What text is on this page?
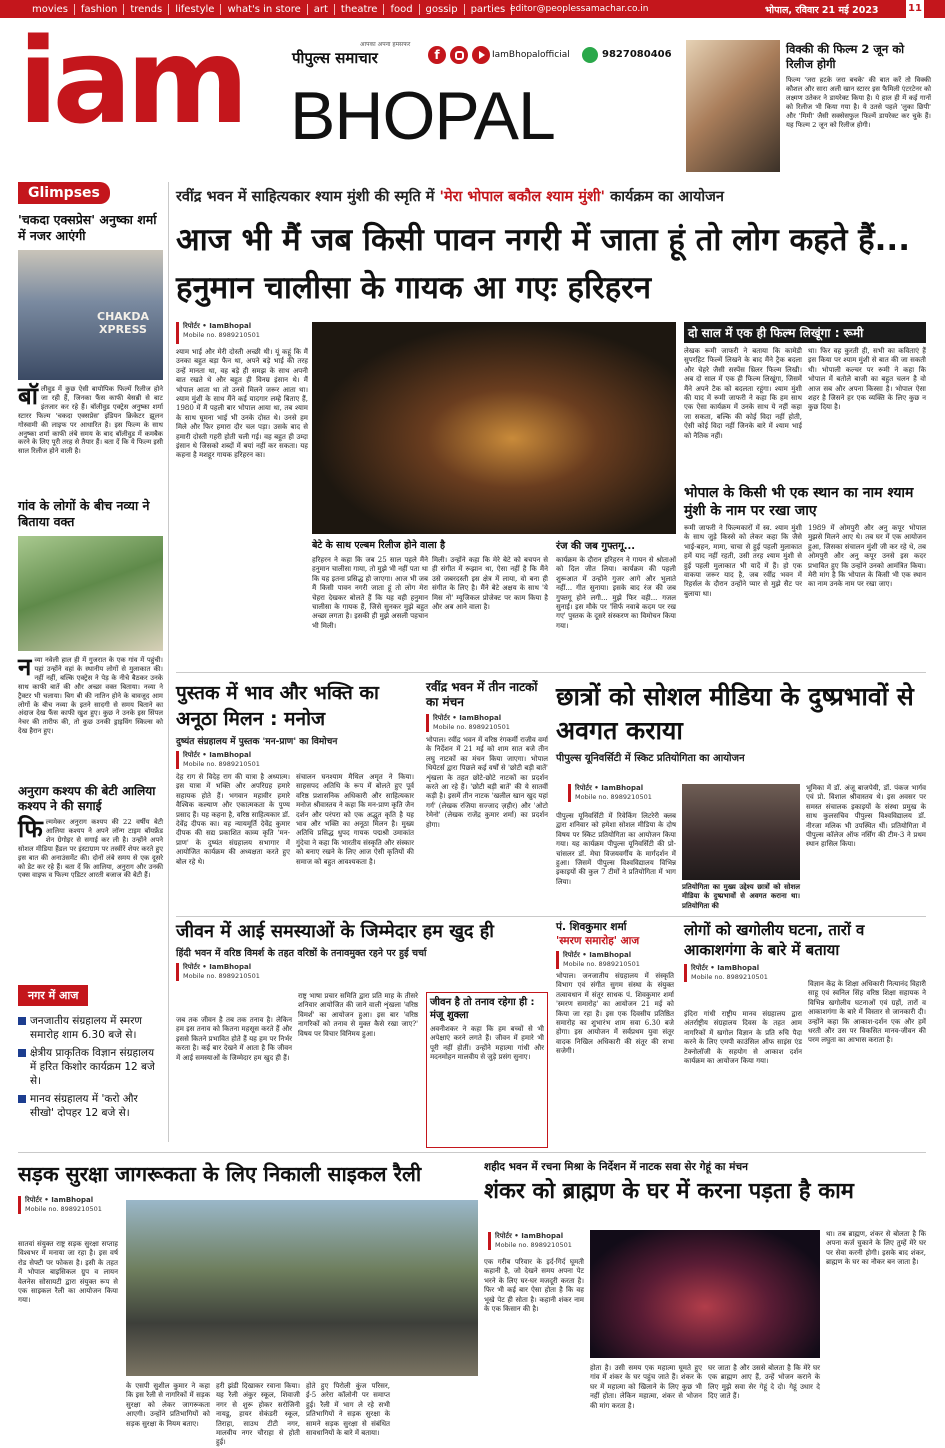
movies	fashion	trends	lifestyle	what's in store	art	theatre	food	gossip	parties editor@peoplessamachar.co.in	भोपाल, रविवार 21 मई 2023	11
iam BHOPAL
पीपुल्स समाचार
आपका अपना हमसफर
f	IamBhopalofficial	9827080406	विक्की की फिल्म 2 जून को रिलीज होगी
फिल्म 'जरा हटके जरा बचके' की बात करें तो विक्की कौशल और सारा अली खान स्टारर इस फैमिली एंटरटेनर को लक्ष्मण उतेकर ने डायरेक्ट किया है। ये हाल ही में कई गानों को रिलीज भी किया गया है। ये उतसे पहले 'लुका छिपी' और 'मिमी' जैसी सक्सेसफुल फिल्में डायरेक्ट कर चुके हैं। यह फिल्म 2 जून को रिलीज होगी।
Glimpses
'चकदा एक्सप्रेस' अनुष्का शर्मा में नजर आएंगी
CHAKDA XPRESS
बॉलीवुड में कुछ ऐसी बायोपिक फिल्में रिलीज होने जा रही हैं, जिनका फैंस काफी बेसब्री से बाट इंतजार कर रहे हैं। बॉलीवुड एक्ट्रेस अनुष्का शर्मा स्टारर फिल्म 'चकदा एक्सप्रेस' इंडियन क्रिकेटर झूलन गोस्वामी की लाइफ पर आधारित है। इस फिल्म के साथ अनुष्का शर्मा काफी लंबे समय के बाद बॉलीवुड में कमबैक करने के लिए पूरी तरह से तैयार हैं। बता दें कि ये फिल्म इसी साल रिलीज होने वाली है।
गांव के लोगों के बीच नव्या ने बिताया वक्त
नव्या नवेली हाल ही में गुजरात के एक गांव में पहुंची। यहां उन्होंने वहां के स्थानीय लोगों से मुलाकात की। नहीं नहीं, बल्कि एक्ट्रेस ने पेड़ के नीचे बैठकर उनके साथ काफी बातें की और अच्छा वक्त बिताया। नव्या ने ट्रैक्टर भी चलाया। बिग बी की नातिन होने के बावजूद आम लोगों के बीच नव्या के इतने सादगी से समय बिताने का अंदाज देख फैंस काफी खुश हुए। कुछ ने उनके इस सिंपल नेचर की तारीफ की, तो कुछ उनकी ड्राइविंग स्किल्स को देख हैरान हुए।
अनुराग कश्यप की बेटी आलिया कश्यप ने की सगाई
फिल्ममेकर अनुराग कश्यप की 22 वर्षीय बेटी आलिया कश्यप ने अपने लॉन्ग टाइम बॉयफ्रेंड शेन ग्रेगोइर से सगाई कर ली है। उन्होंने अपने सोशल मीडिया हैंडल पर इंस्टाग्राम पर तस्वीरें शेयर करते हुए इस बात की अनाउंसमेंट की। दोनों लंबे समय से एक दूसरे को डेट कर रहे हैं। बता दें कि आलिया, अनुराग और उनकी एक्स वाइफ व फिल्म एडिटर आरती बजाज की बेटी हैं।
नगर में आज
जनजातीय संग्रहालय में स्मरण समारोह शाम 6.30 बजे से।
क्षेत्रीय प्राकृतिक विज्ञान संग्रहालय में हरित किशोर कार्यक्रम 12 बजे से।
मानव संग्रहालय में 'करो और सीखो' दोपहर 12 बजे से।
रवींद्र भवन में साहित्यकार श्याम मुंशी की स्मृति में 'मेरा भोपाल बकौल श्याम मुंशी' कार्यक्रम का आयोजन
आज भी मैं जब किसी पावन नगरी में जाता हूं तो लोग कहते हैं... हनुमान चालीसा के गायक आ गएः हरिहरन
रिपोर्टर • IamBhopal
Mobile no. 8989210501
श्याम भाई और मेरी दोस्ती अच्छी थी। यूं कहूं कि मैं उनका बहुत बड़ा फैन था, अपने बड़े भाई की तरह उन्हें मानता था, वह बड़े ही समझ के साथ अपनी बात रखते थे और बहुत ही विनम्र इंसान थे। मैं भोपाल आता था तो उनसे मिलने जरूर आता था। श्याम मुंशी के साथ मैंने कई यादगार लम्हे बिताए हैं, 1980 में मैं पहली बार भोपाल आया था, तब श्याम के साथ घूमना भाई भी उनके दोस्त थे। उनसे हम मिले और फिर हमारा दौर चल पड़ा। उसके बाद से हमारी दोस्ती गहरी होती चली गई। वह बहुत ही उम्दा इंसान थे जिसको शब्दों में बयां नहीं कर सकता। यह कहना है मशहूर गायक हरिहरन का।
बेटे के साथ एल्बम रिलीज होने वाला है
हरिहरन ने कहा कि जब 25 साल पहले मैंने हनुमान चालीसा गाया, तो मुझे भी नहीं पता था कि यह इतना प्रसिद्ध हो जाएगा। आज भी जब मैं किसी पावन नगरी जाता हूं तो लोग मेरा चेहरा देखकर बोलते हैं कि यह वही हनुमान चालीसा के गायक हैं, जिसे सुनकर मुझे बहुत अच्छा लगता है। इसकी ही मुझे असली पहचान भी मिली।
मिली। उन्होंने कहा कि मेरे बेटे को बचपन से ही संगीत में रूझान था, ऐसा नहीं है कि मैंने उसे जबरदस्ती इस क्षेत्र में लाया, वो बना ही संगीत के लिए है। मैंने बेटे अक्षय के साथ 'ये मिस नो' म्यूजिकल प्रोजेक्ट पर काम किया है और अब आने वाला है।
रंज की जब गुफ्तगू...
कार्यक्रम के दौरान हरिहरन ने गायन से श्रोताओं को दिल जीत लिया। कार्यक्रम की पहली शुरूआत में उन्होंने गुजर आगे और भुलाते नहीं... गीत सुनाया। इसके बाद रंज की जब गुफ्तगू होने लगी... मुझे फिर वही... गजल सुनाई। इस मौके पर 'सिर्फ नवाबे कदम पर रख गए' पुस्तक के दूसरे संस्करण का विमोचन किया गया।
दो साल में एक ही फिल्म लिखूंगा : रूमी
लेखक रूमी जाफरी ने बताया कि कामेडी सुपरहिट फिल्में लिखने के बाद मैंने ट्रैक बदला और चेहरे जैसी सस्पेंस थ्रिलर फिल्म लिखी। अब दो साल में एक ही फिल्म लिखूंगा, जिसमें मैंने अपने टैक को बदलता रहूंगा। श्याम मुंशी की याद में रूमी जाफरी ने कहा कि हम साथ एक ऐसा कार्यक्रम में उनके साथ ये नहीं कहा जा सकता, बल्कि की कोई विदा नहीं होती, ऐसी कोई विदा नहीं जिनके बारे में श्याम भाई को नैतिक नहीं।
था। फिर वह कुरती ही, सभी का कविताएं हैं इस किया पर श्याम मुंशी से बात की जा सकती थी। भोपाली कल्चर पर रूमी ने कहा कि भोपाल में बतोले बाजी का बहुत चलन है वो आज सब और अपना किस्सा है। भोपाल ऐसा शहर है जिसने हर एक व्यक्ति के लिए कुछ न कुछ दिया है।
भोपाल के किसी भी एक स्थान का नाम श्याम मुंशी के नाम पर रखा जाए
रूमी जाफरी ने फिल्मकारों में स्व. श्याम मुंशी के साथ जुड़े किस्से को लेकर कहा कि जैसे भाई-बहन, मामा, चाचा से हुई पहली मुलाकात हमें याद नहीं रहती, उसी तरह श्याम मुंशी से हुई पहली मुलाकात भी यादें में हैं। हो एक वाकया जरूर याद है, जब रवींद्र भवन में रिहर्सल के दौरान उन्होंने प्यार से मुझे सैट पर बुलाया था।
1989 में ओमपुरी और अनु कपूर भोपाल मुझसे मिलने आए थे। तब घर में एक आयोजन हुआ, जिसका संचालन मुंशी जी कर रहे थे, तब ओमपुरी और अनु कपूर उनसे इस कदर प्रभावित हुए कि उन्होंने उनको आमंत्रित किया। मेरी मांग है कि भोपाल के किसी भी एक स्थान का नाम उनके नाम पर रखा जाए।
पुस्तक में भाव और भक्ति का अनूठा मिलन : मनोज
दुष्यंत संग्रहालय में पुस्तक 'मन-प्राण' का विमोचन
रिपोर्टर • IamBhopal
Mobile no. 8989210501
देह राग से विदेह राग की यात्रा है अध्यात्म। इस यात्रा में भक्ति और अपरिग्रह हमारे सहायक होते हैं। भगवान महावीर हमारे वैश्विक कल्याण और एकात्मकता के पुण्य प्रसाद हैं। यह कहना है, वरिष्ठ साहित्यकार डॉ. देवेंद्र दीपक का। वह न्यायमूर्ति देवेंद्र कुमार दीपक की सद्य प्रकाशित काव्य कृति 'मन-प्राण' के दुष्यंत संग्रहालय सभागार में आयोजित कार्यक्रम की अध्यक्षता करते हुए बोल रहे थे।
संचालन घनश्याम मैथिल अमृत ने किया। साहसपद अतिथि के रूप में बोलते हुए पूर्व वरिष्ठ प्रशासनिक अधिकारी और साहित्यकार मनोज श्रीवास्तव ने कहा कि मन-प्राण कृति जैन दर्शन और परंपरा को एक अद्भुत कृति है यह भाव और भक्ति का अनूठा मिलन है। मुख्य अतिथि प्रसिद्ध धुपद गायक पद्मश्री उमाकांत गुंदेचा ने कहा कि भारतीय संस्कृति और संस्कार को बनाए रखने के लिए आज ऐसी कृतियों की समाज को बहुत आवश्यकता है।
रवींद्र भवन में तीन नाटकों का मंचन
रिपोर्टर • IamBhopal
Mobile no. 8989210501
भोपाल। रवींद्र भवन में वरिष्ठ रंगकर्मी राजीव वर्मा के निर्देशन में 21 मई को शाम सात बजे तीन लघु नाटकों का मंचन किया जाएगा। भोपाल थियेटर्स द्वारा पिछले कई वर्षों से 'छोटी बड़ी बातें' शृंखला के तहत छोटे-छोटे नाटकों का प्रदर्शन करते आ रहे हैं। 'छोटी बड़ी बातें' की ये सातवीं कड़ी है। इसमें तीन नाटक 'खलील खान खुद यहां गर्ग' (लेखक रजिया सज्जाद ज़हीर) और 'ओटो रेमेनो' (लेखक राजेंद्र कुमार शर्मा) का प्रदर्शन होगा।
छात्रों को सोशल मीडिया के दुष्प्रभावों से अवगत कराया
पीपुल्स यूनिवर्सिटी में स्किट प्रतियोगिता का आयोजन
रिपोर्टर • IamBhopal
Mobile no. 8989210501
पीपुल्स यूनिवर्सिटी में रिवेकिंग लिटरेरी क्लब द्वारा शनिवार को हमेशा सोशल मीडिया के दोष विषय पर स्किट प्रतियोगिता का आयोजन किया गया। यह कार्यक्रम पीपुल्स यूनिवर्सिटी की प्रो-चांसलर डॉ. मेघा विजयवर्गीय के मार्गदर्शन में हुआ। जिसमें पीपुल्स विश्वविद्यालय विभिन्न इकाइयों की कुल 7 टीमों ने प्रतियोगिता में भाग लिया।
प्रतियोगिता का मुख्य उद्देश्य छात्रों को सोशल मीडिया के दुष्प्रभावों से अवगत कराना था। प्रतियोगिता की
भूमिका में डॉ. अंजू बाजपेयी, डॉ. पंकज भार्गव एवं प्रो. विशाल श्रीवास्तव थे। इस अवसर पर समस्त संचालक इकाइयों के संस्था प्रमुख के साथ कुलसचिव पीपुल्स विश्वविद्यालय डॉ. नीरजा मलिक भी उपस्थित थीं। प्रतियोगिता में पीपुल्स कॉलेज ऑफ नर्सिंग की टीम-3 ने प्रथम स्थान हासिल किया।
जीवन में आई समस्याओं के जिम्मेदार हम खुद ही
हिंदी भवन में वरिष्ठ विमर्श के तहत वरिष्ठों के तनावमुक्त रहने पर हुई चर्चा
रिपोर्टर • IamBhopal
Mobile no. 8989210501
जब तक जीवन है तब तक तनाव है। लेकिन हम इस तनाव को कितना महसूस करते हैं और इससे कितने प्रभावित होते हैं यह हम पर निर्भर करता है। कई बार देखने में आता है कि जीवन में आई समस्याओं के जिम्मेदार हम खुद ही हैं।
राष्ट्र भाषा प्रचार समिति द्वारा प्रति माह के तीसरे शनिवार आयोजित की जाने वाली शृंखला 'वरिष्ठ विमर्श' का आयोजन हुआ। इस बार 'वरिष्ठ नागरिकों को तनाव से मुक्त कैसे रखा जाए?' विषय पर विचार विनिमय हुआ।
जीवन है तो तनाव रहेगा ही : मंजू शुक्ला
अवनीशकर ने कहा कि हम बच्चों से भी अपेक्षाएं करने लगते हैं। जीवन में हमारे भी पूरी नहीं होतीं। उन्होंने महात्मा गांधी और मदनमोहन मालवीय से जुड़े प्रसंग सुनाए।
पं. शिवकुमार शर्मा
'स्मरण समारोह' आज
रिपोर्टर • IamBhopal
Mobile no. 8989210501
भोपाल। जनजातीय संग्रहालय में संस्कृति विभाग एवं संगीत सुगम संस्था के संयुक्त तत्वावधान में संतूर साधक पं. शिवकुमार शर्मा 'स्मरण समारोह' का आयोजन 21 मई को किया जा रहा है। इस एक दिवसीय प्रतिष्ठित समारोह का शुभारंभ शाम सवा 6.30 बजे होगा। इस आयोजन में सर्वप्रथम युवा संतूर वादक निखिल अधिकारी की संतूर की सभा सजेगी।
लोगों को खगोलीय घटना, तारों व आकाशगंगा के बारे में बताया
रिपोर्टर • IamBhopal
Mobile no. 8989210501
इंदिरा गांधी राष्ट्रीय मानव संग्रहालय द्वारा अंतर्राष्ट्रीय संग्रहालय दिवस के तहत आम नागरिकों में खगोल विज्ञान के प्रति रुचि पैदा करने के लिए एमपी काउंसिल ऑफ साइंस एंड टेक्नोलॉजी के सहयोग से आकाश दर्शन कार्यक्रम का आयोजन किया गया।
विज्ञान केंद्र के शिक्षा अधिकारी नित्यानंद विहारी साहू एवं स्वनिल सिंह वरिष्ठ शिक्षा सहायक ने विभिन्न खगोलीय घटनाओं एवं ग्रहों, तारों व आकाशगंगा के बारे में विस्तार से जानकारी दी। उन्होंने कहा कि आकाश-दर्शन एक और हमें धरती और उस पर विकसित मानव-जीवन की परम लघुता का आभास कराता है।
सड़क सुरक्षा जागरूकता के लिए निकाली साइकल रैली
रिपोर्टर • IamBhopal
Mobile no. 8989210501
सातवां संयुक्त राष्ट्र सड़क सुरक्षा सप्ताह विश्वभर में मनाया जा रहा है। इस वर्ष रोड सेफ्टी पर फोकस है। इसी के तहत में भोपाल बाइसिकल ग्रुप व लायन वेलनेस सोसायटी द्वारा संयुक्त रूप से एक साइकल रैली का आयोजन किया गया।
के एसपी सुशील कुमार ने कहा कि इस रैली से नागरिकों में सड़क सुरक्षा को लेकर जागरूकता आएगी। उन्होंने प्रतिभागियों को सड़क सुरक्षा के नियम बताए।
हरी झंडी दिखाकर रवाना किया। यह रैली अंकुर स्कूल, शिवाजी नगर से शुरू होकर सरोजिनी नायडू, हायर सेकंडरी स्कूल, तिराहा, साउथ टीटी नगर, मालवीय नगर चौराहा से होती हुई।
होते हुए पिरोली कुंज परिसर, ई-5 अरेरा कॉलोनी पर समाप्त हुई। रैली में भाग ले रहे सभी प्रतिभागियों ने सड़क सुरक्षा के सामने सड़क सुरक्षा से संबंधित सावधानियों के बारे में बताया।
शहीद भवन में रचना मिश्रा के निर्देशन में नाटक सवा सेर गेहूं का मंचन
शंकर को ब्राह्मण के घर में करना पड़ता है काम
रिपोर्टर • IamBhopal
Mobile no. 8989210501
एक गरीब परिवार के इर्द-गिर्द घूमती कहानी है, जो देखने समय अपना पेट भरने के लिए घर-घर मजदूरी करता है। फिर भी कई बार ऐसा होता है कि वह भूखे पेट ही सोता है। कहानी शंकर नाम के एक किसान की है।
होता है। उसी समय एक महात्मा घूमते हुए गांव में शंकर के घर पहुंच जाते हैं। शंकर के घर में महात्मा को खिलाने के लिए कुछ भी नहीं होता। लेकिन महात्मा, शंकर से भोजन की मांग करता है।
घर जाता है और उससे बोलता है कि मेरे घर एक ब्राह्मण आए हैं, उन्हें भोजन कराने के लिए मुझे सवा सेर गेहूं दे दो। गेहूं उधार दे दिए जाते हैं।
था। तब ब्राह्मण, शंकर से बोलता है कि अपना कर्ज चुकाने के लिए तुम्हें मेरे घर पर सेवा करनी होगी। इसके बाद शंकर, ब्राह्मण के घर का नौकर बन जाता है।
